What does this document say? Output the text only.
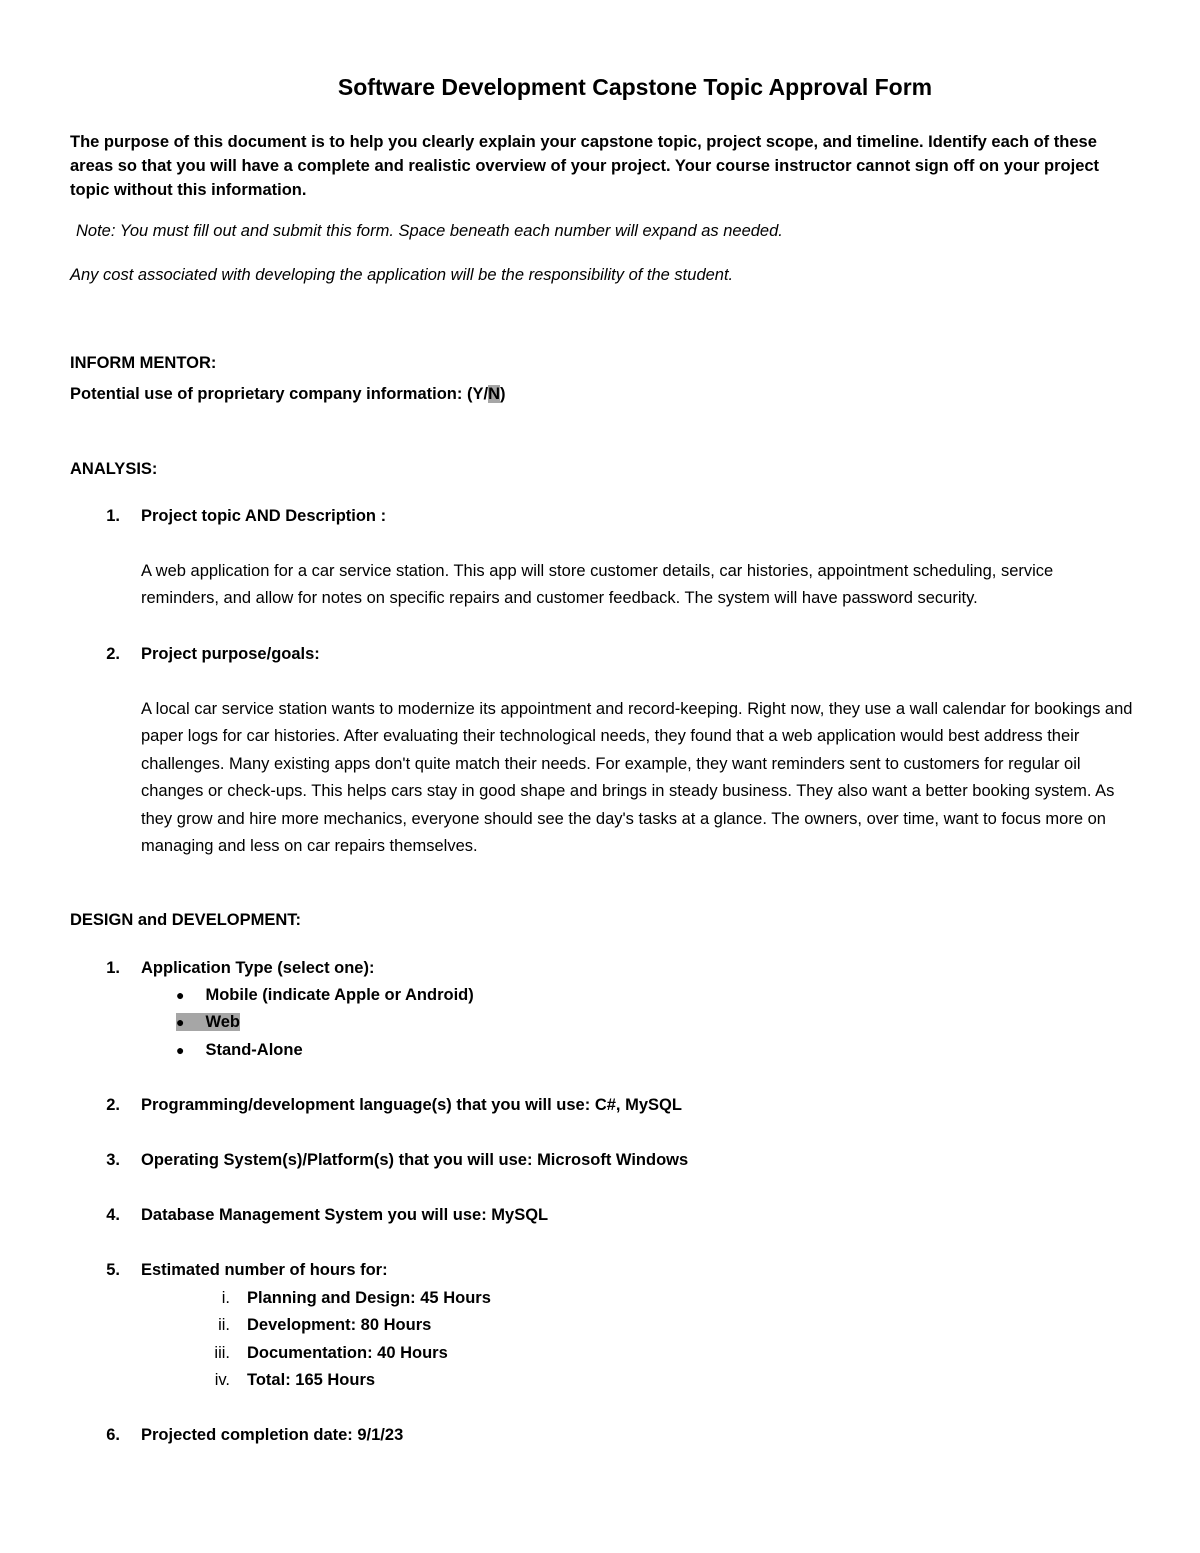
Software Development Capstone Topic Approval Form
The purpose of this document is to help you clearly explain your capstone topic, project scope, and timeline. Identify each of these areas so that you will have a complete and realistic overview of your project. Your course instructor cannot sign off on your project topic without this information.
Note: You must fill out and submit this form. Space beneath each number will expand as needed.
Any cost associated with developing the application will be the responsibility of the student.
INFORM MENTOR:
Potential use of proprietary company information: (Y/N)
ANALYSIS:
1. Project topic AND Description :
A web application for a car service station. This app will store customer details, car histories, appointment scheduling, service reminders, and allow for notes on specific repairs and customer feedback. The system will have password security.
2. Project purpose/goals:
A local car service station wants to modernize its appointment and record-keeping. Right now, they use a wall calendar for bookings and paper logs for car histories. After evaluating their technological needs, they found that a web application would best address their challenges. Many existing apps don't quite match their needs. For example, they want reminders sent to customers for regular oil changes or check-ups. This helps cars stay in good shape and brings in steady business. They also want a better booking system. As they grow and hire more mechanics, everyone should see the day's tasks at a glance. The owners, over time, want to focus more on managing and less on car repairs themselves.
DESIGN and DEVELOPMENT:
1. Application Type (select one):
● Mobile (indicate Apple or Android)
● Web
● Stand-Alone
2. Programming/development language(s) that you will use: C#, MySQL
3. Operating System(s)/Platform(s) that you will use: Microsoft Windows
4. Database Management System you will use: MySQL
5. Estimated number of hours for:
i. Planning and Design: 45 Hours
ii. Development: 80 Hours
iii. Documentation: 40 Hours
iv. Total: 165 Hours
6. Projected completion date: 9/1/23
